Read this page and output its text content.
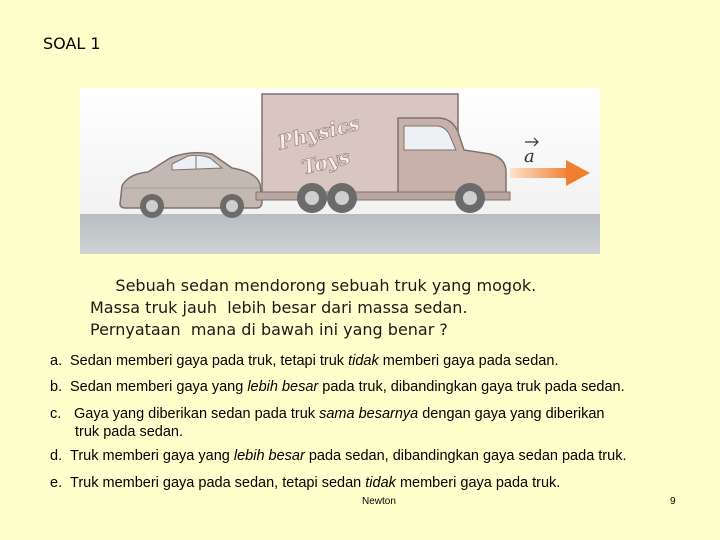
SOAL 1
Physics
Toys	a
Sebuah sedan mendorong sebuah truk yang mogok.
Massa truk jauh  lebih besar dari massa sedan.
Pernyataan  mana di bawah ini yang benar ?
a. Sedan memberi gaya pada truk, tetapi truk tidak memberi gaya pada sedan.
b. Sedan memberi gaya yang lebih besar pada truk, dibandingkan gaya truk pada sedan.
c. Gaya yang diberikan sedan pada truk sama besarnya dengan gaya yang diberikan
truk pada sedan.
d. Truk memberi gaya yang lebih besar pada sedan, dibandingkan gaya sedan pada truk.
e. Truk memberi gaya pada sedan, tetapi sedan tidak memberi gaya pada truk.
Newton	9
